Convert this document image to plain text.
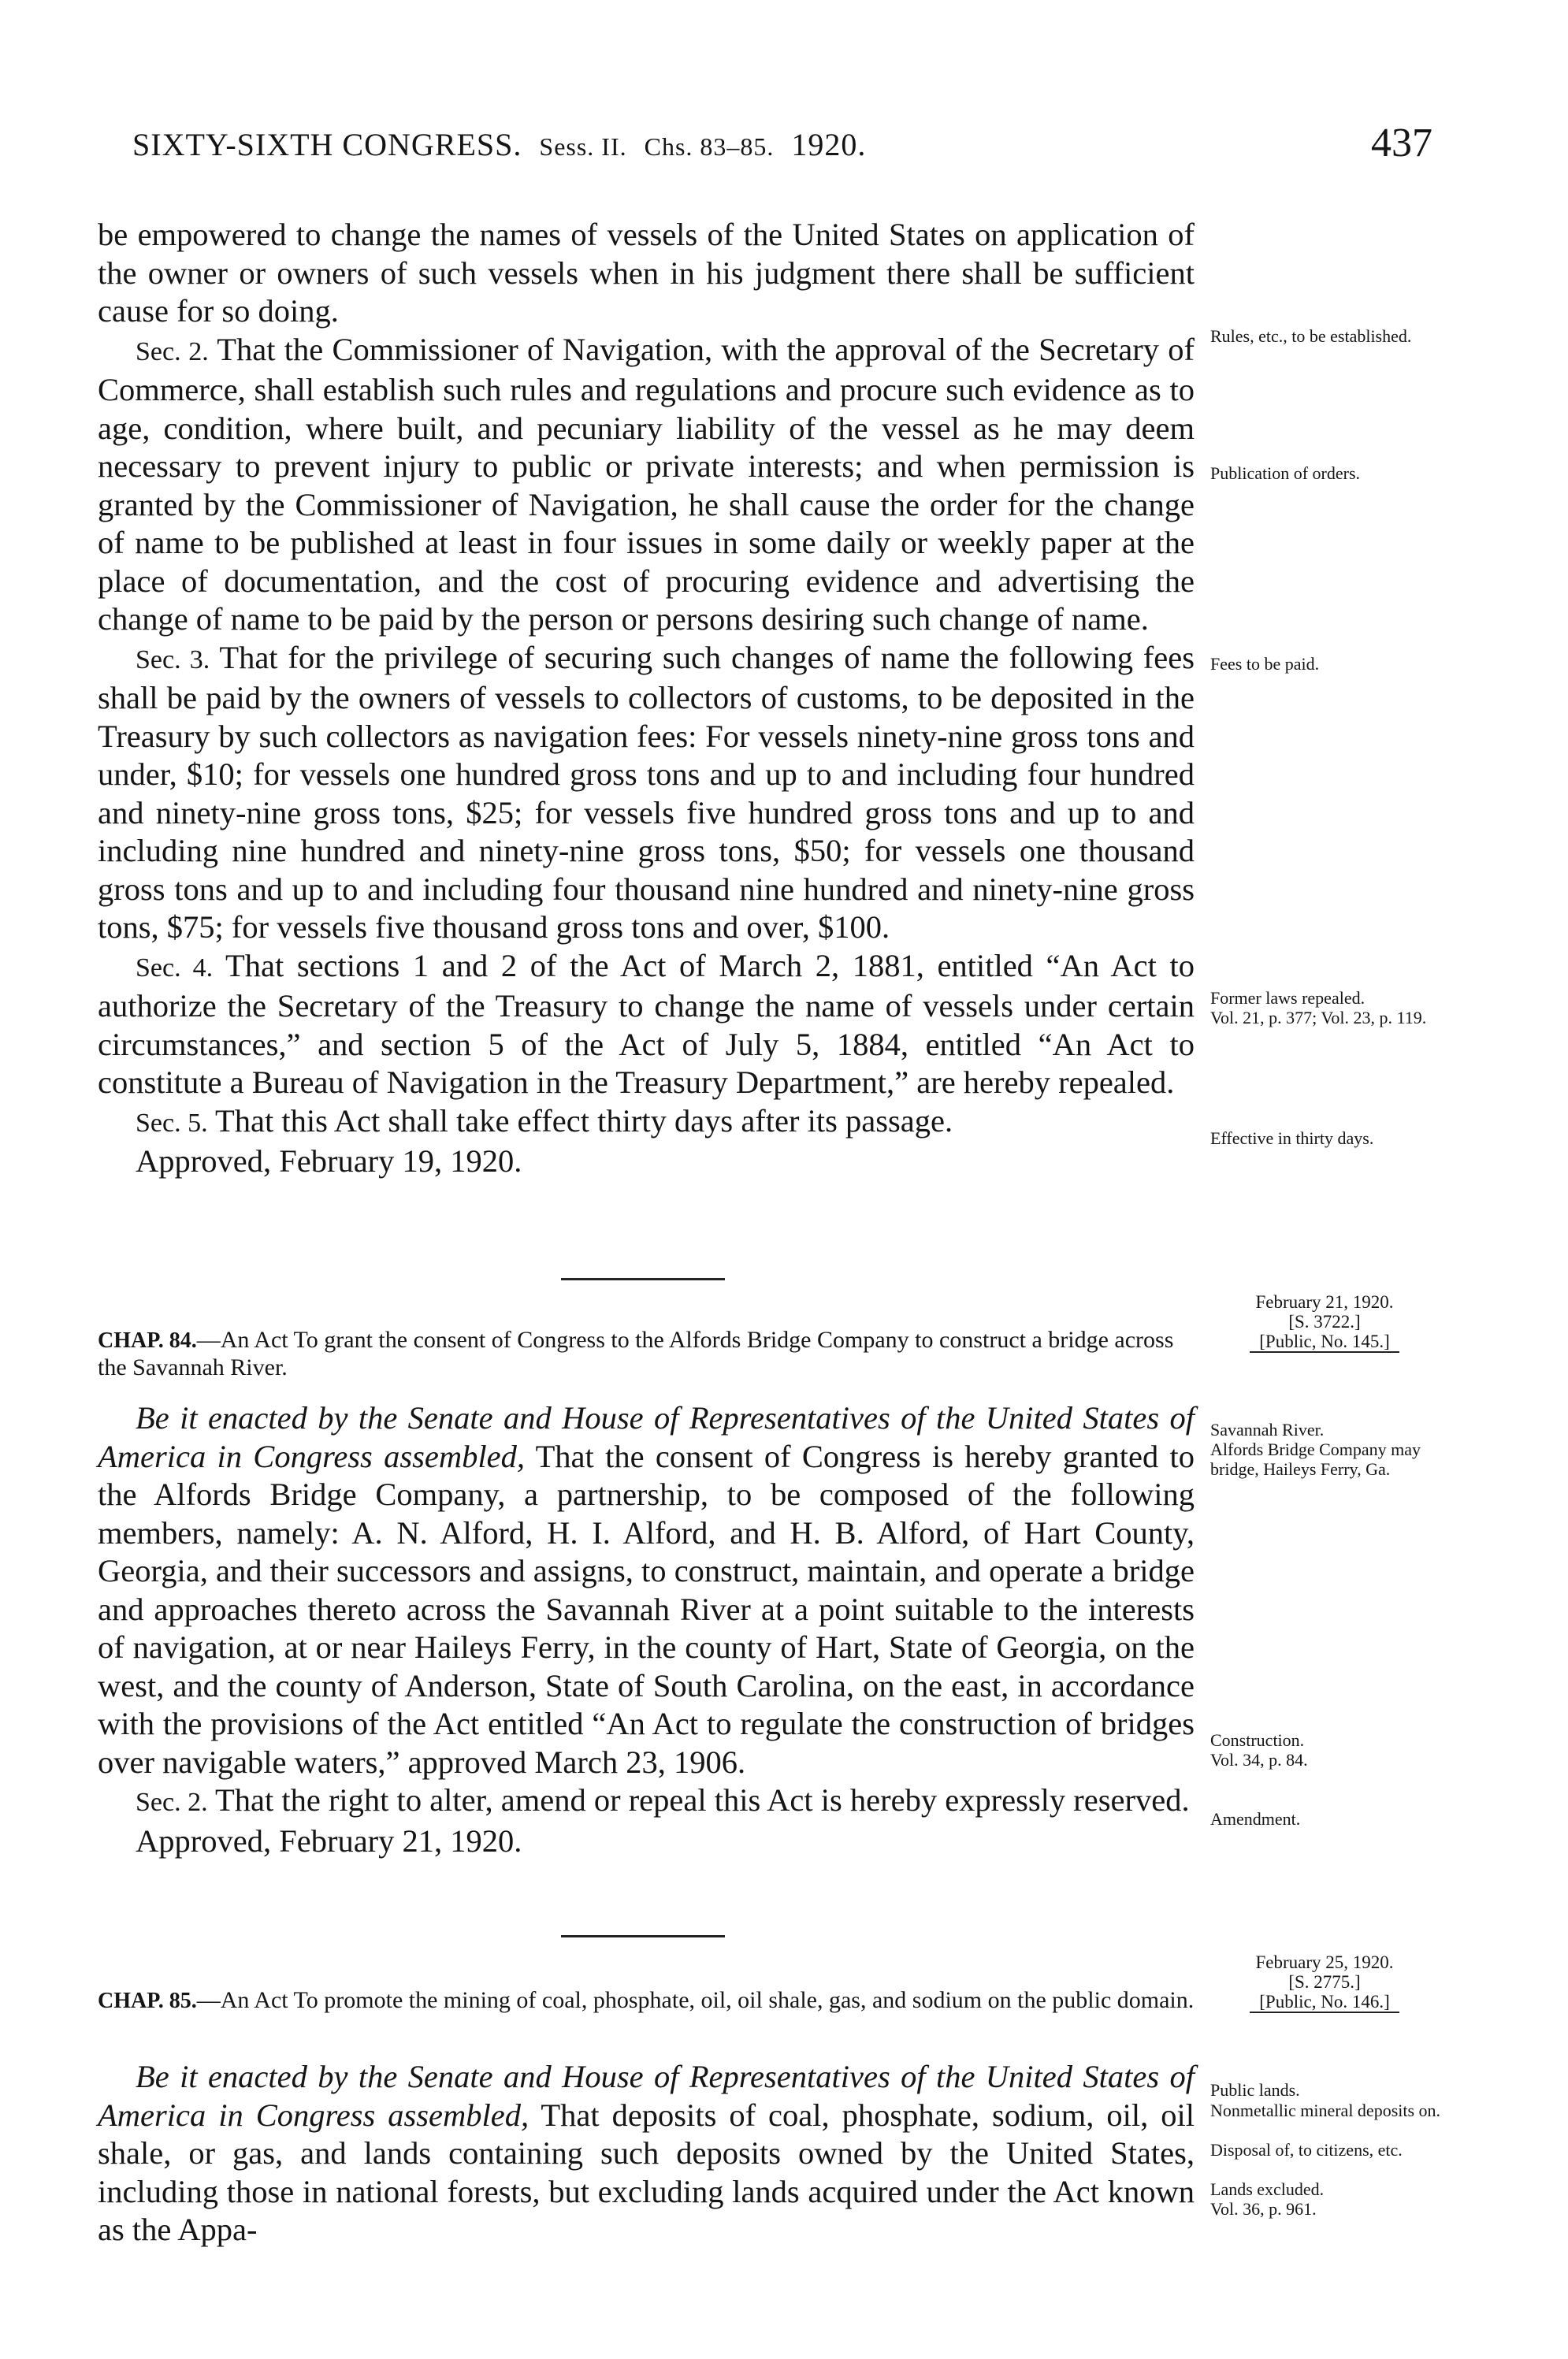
SIXTY-SIXTH CONGRESS. Sess. II. Chs. 83–85. 1920.	437

be empowered to change the names of vessels of the United States on application of the owner or owners of such vessels when in his judgment there shall be sufficient cause for so doing.

Sec. 2. That the Commissioner of Navigation, with the approval of the Secretary of Commerce, shall establish such rules and regulations and procure such evidence as to age, condition, where built, and pecuniary liability of the vessel as he may deem necessary to prevent injury to public or private interests; and when permission is granted by the Commissioner of Navigation, he shall cause the order for the change of name to be published at least in four issues in some daily or weekly paper at the place of documentation, and the cost of procuring evidence and advertising the change of name to be paid by the person or persons desiring such change of name.

Sec. 3. That for the privilege of securing such changes of name the following fees shall be paid by the owners of vessels to collectors of customs, to be deposited in the Treasury by such collectors as navigation fees: For vessels ninety-nine gross tons and under, $10; for vessels one hundred gross tons and up to and including four hundred and ninety-nine gross tons, $25; for vessels five hundred gross tons and up to and including nine hundred and ninety-nine gross tons, $50; for vessels one thousand gross tons and up to and including four thousand nine hundred and ninety-nine gross tons, $75; for vessels five thousand gross tons and over, $100.

Sec. 4. That sections 1 and 2 of the Act of March 2, 1881, entitled “An Act to authorize the Secretary of the Treasury to change the name of vessels under certain circumstances,” and section 5 of the Act of July 5, 1884, entitled “An Act to constitute a Bureau of Navigation in the Treasury Department,” are hereby repealed.

Sec. 5. That this Act shall take effect thirty days after its passage.

Approved, February 19, 1920.

Rules, etc., to be established.
Publication of orders.
Fees to be paid.
Former laws repealed.
Vol. 21, p. 377; Vol. 23, p. 119.
Effective in thirty days.
February 21, 1920.
[S. 3722.]
[Public, No. 145.]
CHAP. 84.—An Act To grant the consent of Congress to the Alfords Bridge Company to construct a bridge across the Savannah River.

Be it enacted by the Senate and House of Representatives of the United States of America in Congress assembled, That the consent of Congress is hereby granted to the Alfords Bridge Company, a partnership, to be composed of the following members, namely: A. N. Alford, H. I. Alford, and H. B. Alford, of Hart County, Georgia, and their successors and assigns, to construct, maintain, and operate a bridge and approaches thereto across the Savannah River at a point suitable to the interests of navigation, at or near Haileys Ferry, in the county of Hart, State of Georgia, on the west, and the county of Anderson, State of South Carolina, on the east, in accordance with the provisions of the Act entitled “An Act to regulate the construction of bridges over navigable waters,” approved March 23, 1906.

Sec. 2. That the right to alter, amend or repeal this Act is hereby expressly reserved.

Approved, February 21, 1920.

Savannah River.
Alfords Bridge Company may bridge, Haileys Ferry, Ga.
Construction.
Vol. 34, p. 84.
Amendment.
February 25, 1920.
[S. 2775.]
[Public, No. 146.]
CHAP. 85.—An Act To promote the mining of coal, phosphate, oil, oil shale, gas, and sodium on the public domain.

Be it enacted by the Senate and House of Representatives of the United States of America in Congress assembled, That deposits of coal, phosphate, sodium, oil, oil shale, or gas, and lands containing such deposits owned by the United States, including those in national forests, but excluding lands acquired under the Act known as the Appa-

Public lands.
Nonmetallic mineral deposits on.
Disposal of, to citizens, etc.
Lands excluded.
Vol. 36, p. 961.
